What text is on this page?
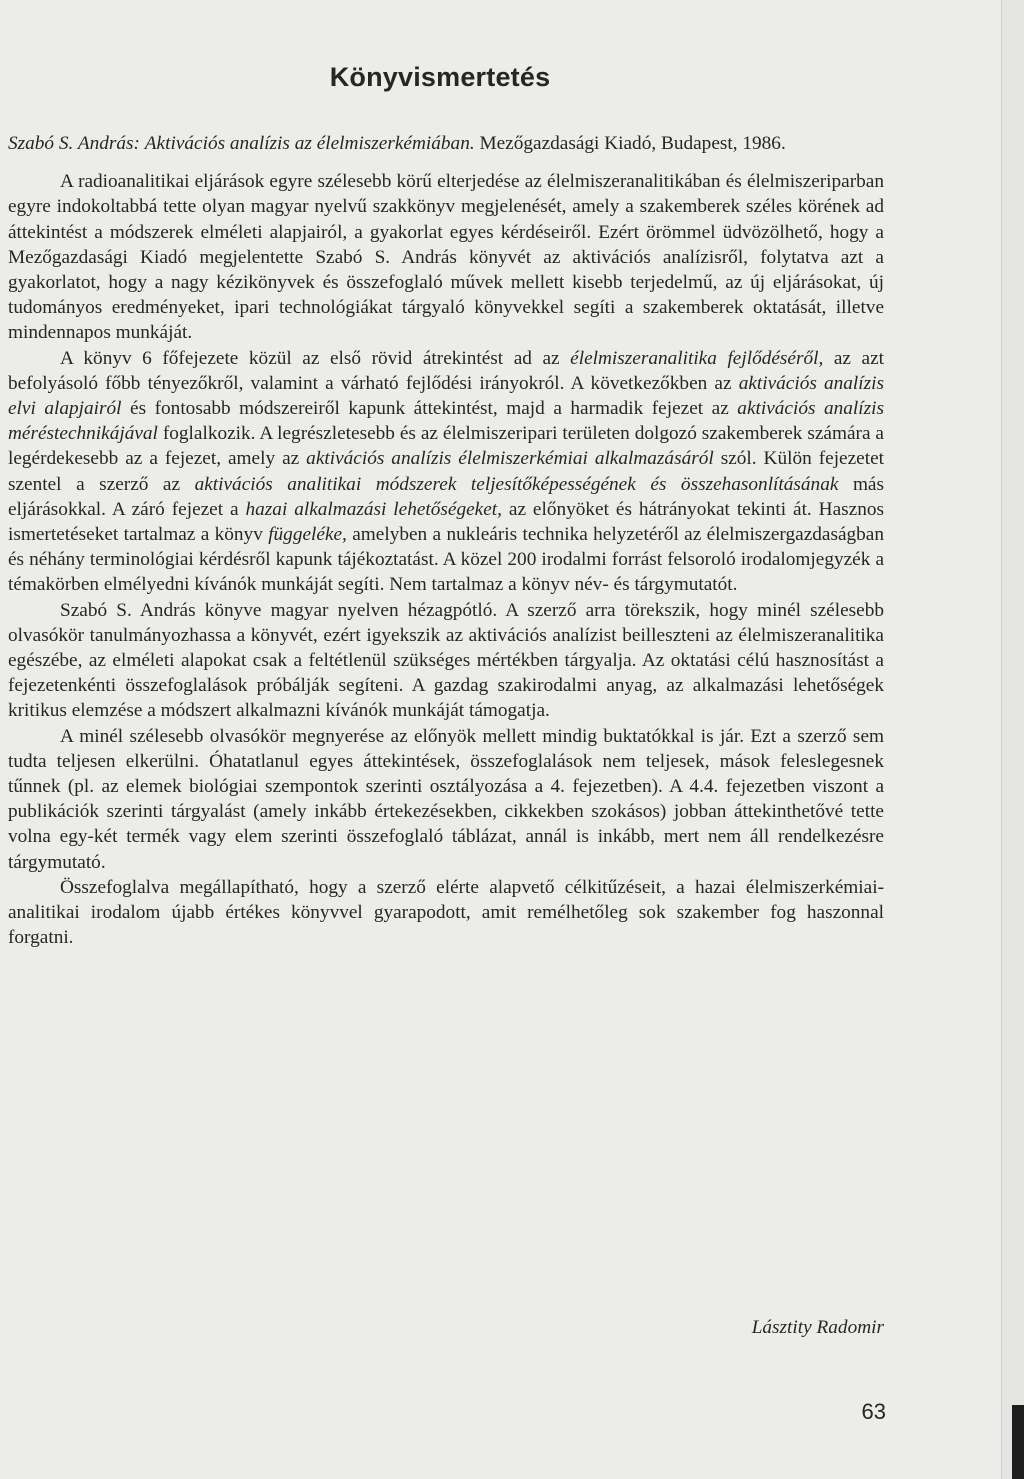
Könyvismertetés

Szabó S. András: Aktivációs analízis az élelmiszerkémiában. Mezőgazdasági Kiadó, Budapest, 1986.

A radioanalitikai eljárások egyre szélesebb körű elterjedése az élelmiszeranalitikában és élelmiszeriparban egyre indokoltabbá tette olyan magyar nyelvű szakkönyv megjelenését, amely a szakemberek széles körének ad áttekintést a módszerek elméleti alapjairól, a gyakorlat egyes kérdéseiről. Ezért örömmel üdvözölhető, hogy a Mezőgazdasági Kiadó megjelentette Szabó S. András könyvét az aktivációs analízisről, folytatva azt a gyakorlatot, hogy a nagy kézikönyvek és összefoglaló művek mellett kisebb terjedelmű, az új eljárásokat, új tudományos eredményeket, ipari technológiákat tárgyaló könyvekkel segíti a szakemberek oktatását, illetve mindennapos munkáját.

A könyv 6 főfejezete közül az első rövid átrekintést ad az élelmiszeranalitika fejlődéséről, az azt befolyásoló főbb tényezőkről, valamint a várható fejlődési irányokról. A következőkben az aktivációs analízis elvi alapjairól és fontosabb módszereiről kapunk áttekintést, majd a harmadik fejezet az aktivációs analízis méréstechnikájával foglalkozik. A legrészletesebb és az élelmiszeripari területen dolgozó szakemberek számára a legérdekesebb az a fejezet, amely az aktivációs analízis élelmiszerkémiai alkalmazásáról szól. Külön fejezetet szentel a szerző az aktivációs analitikai módszerek teljesítőképességének és összehasonlításának más eljárásokkal. A záró fejezet a hazai alkalmazási lehetőségeket, az előnyöket és hátrányokat tekinti át. Hasznos ismertetéseket tartalmaz a könyv függeléke, amelyben a nukleáris technika helyzetéről az élelmiszergazdaságban és néhány terminológiai kérdésről kapunk tájékoztatást. A közel 200 irodalmi forrást felsoroló irodalomjegyzék a témakörben elmélyedni kívánók munkáját segíti. Nem tartalmaz a könyv név- és tárgymutatót.

Szabó S. András könyve magyar nyelven hézagpótló. A szerző arra törekszik, hogy minél szélesebb olvasókör tanulmányozhassa a könyvét, ezért igyekszik az aktivációs analízist beilleszteni az élelmiszeranalitika egészébe, az elméleti alapokat csak a feltétlenül szükséges mértékben tárgyalja. Az oktatási célú hasznosítást a fejezetenkénti összefoglalások próbálják segíteni. A gazdag szakirodalmi anyag, az alkalmazási lehetőségek kritikus elemzése a módszert alkalmazni kívánók munkáját támogatja.

A minél szélesebb olvasókör megnyerése az előnyök mellett mindig buktatókkal is jár. Ezt a szerző sem tudta teljesen elkerülni. Óhatatlanul egyes áttekintések, összefoglalások nem teljesek, mások feleslegesnek tűnnek (pl. az elemek biológiai szempontok szerinti osztályozása a 4. fejezetben). A 4.4. fejezetben viszont a publikációk szerinti tárgyalást (amely inkább értekezésekben, cikkekben szokásos) jobban áttekinthetővé tette volna egy-két termék vagy elem szerinti összefoglaló táblázat, annál is inkább, mert nem áll rendelkezésre tárgymutató.

Összefoglalva megállapítható, hogy a szerző elérte alapvető célkitűzéseit, a hazai élelmiszerkémiai-analitikai irodalom újabb értékes könyvvel gyarapodott, amit remélhetőleg sok szakember fog haszonnal forgatni.

Lásztity Radomir
63
